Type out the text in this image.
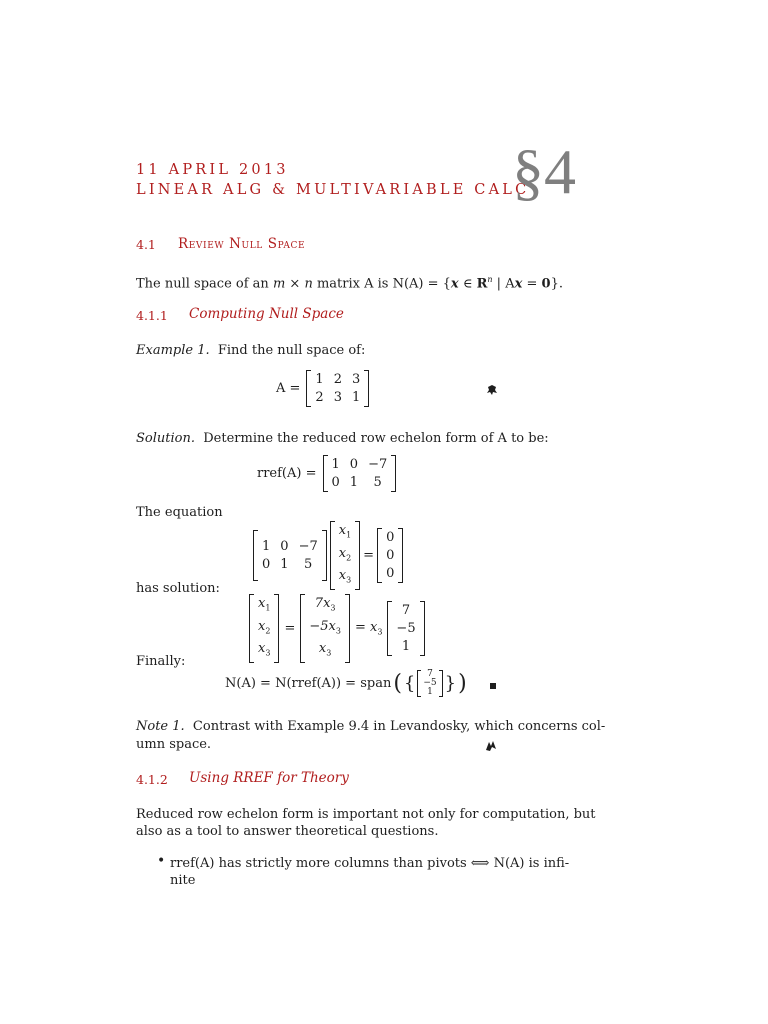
11 APRIL 2013
LINEAR ALG & MULTIVARIABLE CALC
§4
4.1 Review Null Space
The null space of an m × n matrix A is N(A) = {x ∈ $R^n$ | Ax = 0}.
4.1.1 Computing Null Space
Example 1. Find the null space of:
A =
1 2 3
2 3 1
Solution. Determine the reduced row echelon form of A to be:
rref(A) =
1 0 −7
0 1	5
The equation
1 0 −7
0 1	5
$x_1$
$x_2$
$x_3$
=
0
0
0
has solution:
$x_1$
$x_2$
$x_3$
=
$7x_3$
$-5x_3$
$x_3$
= $x_3$
7
−5
1
Finally:
N(A) = N(rref(A)) = span ( {	7
−5
1 } )
Note 1. Contrast with Example 9.4 in Levandosky, which concerns col-
umn space.
4.1.2 Using RREF for Theory
Reduced row echelon form is important not only for computation, but
also as a tool to answer theoretical questions.
• rref(A) has strictly more columns than pivots ⟺ N(A) is infi-
nite
